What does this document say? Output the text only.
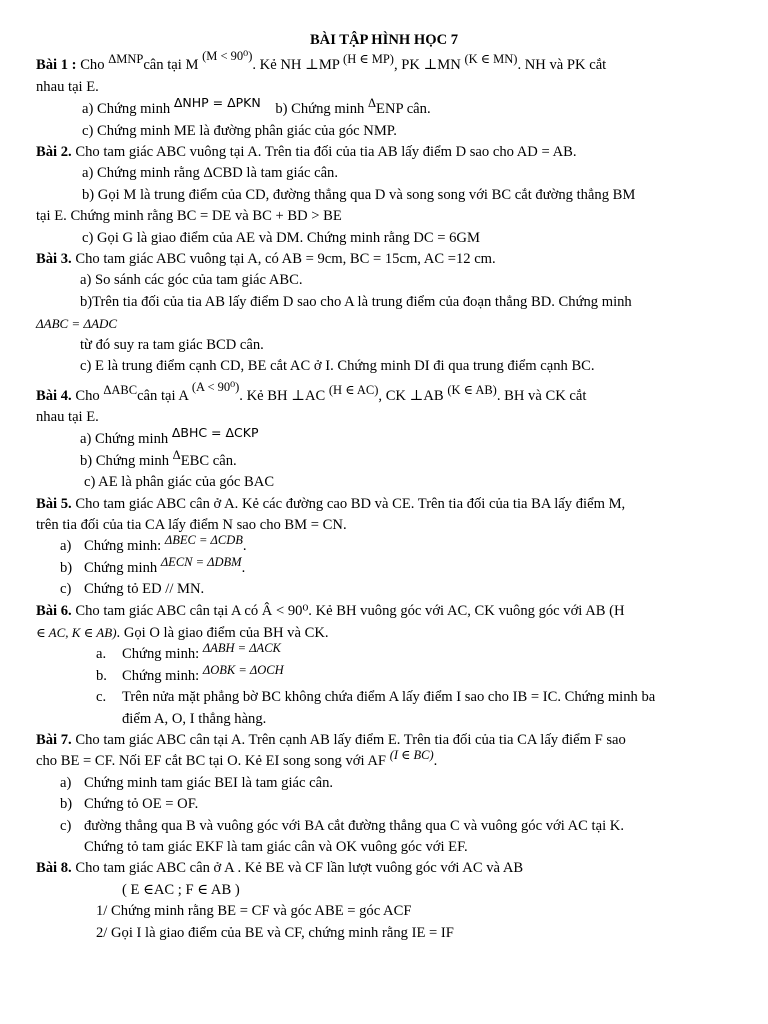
BÀI TẬP HÌNH HỌC 7
Bài 1 : Cho ΔMNPcân tại M (M < 90⁰). Kẻ NH ⊥MP (H ∈ MP), PK ⊥MN (K ∈ MN). NH và PK cắt
nhau tại E.
a) Chứng minh ΔNHP = ΔPKN b) Chứng minh ΔENP cân.
c) Chứng minh ME là đường phân giác của góc NMP.
Bài 2. Cho tam giác ABC vuông tại A. Trên tia đối của tia AB lấy điểm D sao cho AD = AB.
a) Chứng minh rằng ΔCBD là tam giác cân.
b) Gọi M là trung điểm của CD, đường thẳng qua D và song song với BC cắt đường thẳng BM
tại E. Chứng minh rằng BC = DE và BC + BD > BE
c) Gọi G là giao điểm của AE và DM. Chứng minh rằng DC = 6GM
Bài 3. Cho tam giác ABC vuông tại A, có AB = 9cm, BC = 15cm, AC =12 cm.
a) So sánh các góc của tam giác ABC.
b)Trên tia đối của tia AB lấy điểm D sao cho A là trung điểm của đoạn thẳng BD. Chứng minh
ΔABC = ΔADC
từ đó suy ra tam giác BCD cân.
c) E là trung điểm cạnh CD, BE cắt AC ở I. Chứng minh DI đi qua trung điểm cạnh BC.
Bài 4. Cho ΔABCcân tại A (A < 90⁰). Kẻ BH ⊥AC (H ∈ AC), CK ⊥AB (K ∈ AB). BH và CK cắt
nhau tại E.
a) Chứng minh ΔBHC = ΔCKP
b) Chứng minh ΔEBC cân.
c) AE là phân giác của góc BAC
Bài 5. Cho tam giác ABC cân ở A. Kẻ các đường cao BD và CE. Trên tia đối của tia BA lấy điểm M,
trên tia đối của tia CA lấy điểm N sao cho BM = CN.
a) Chứng minh: ΔBEC = ΔCDB.
b) Chứng minh ΔECN = ΔDBM.
c) Chứng tỏ ED // MN.
Bài 6. Cho tam giác ABC cân tại A có Â < 90⁰. Kẻ BH vuông góc với AC, CK vuông góc với AB (H
∈ AC, K ∈ AB). Gọi O là giao điểm của BH và CK.
a. Chứng minh: ΔABH = ΔACK
b. Chứng minh: ΔOBK = ΔOCH
c. Trên nửa mặt phẳng bờ BC không chứa điểm A lấy điểm I sao cho IB = IC. Chứng minh ba
điểm A, O, I thẳng hàng.
Bài 7. Cho tam giác ABC cân tại A. Trên cạnh AB lấy điểm E. Trên tia đối của tia CA lấy điểm F sao
cho BE = CF. Nối EF cắt BC tại O. Kẻ EI song song với AF (I ∈ BC).
a) Chứng minh tam giác BEI là tam giác cân.
b) Chứng tỏ OE = OF.
c) đường thẳng qua B và vuông góc với BA cắt đường thẳng qua C và vuông góc với AC tại K.
Chứng tỏ tam giác EKF là tam giác cân và OK vuông góc với EF.
Bài 8. Cho tam giác ABC cân ở A . Kẻ BE và CF lần lượt vuông góc với AC và AB
( E ∈AC ; F ∈ AB )
1/ Chứng minh rằng BE = CF và góc ABE = góc ACF
2/ Gọi I là giao điểm của BE và CF, chứng minh rằng IE = IF
